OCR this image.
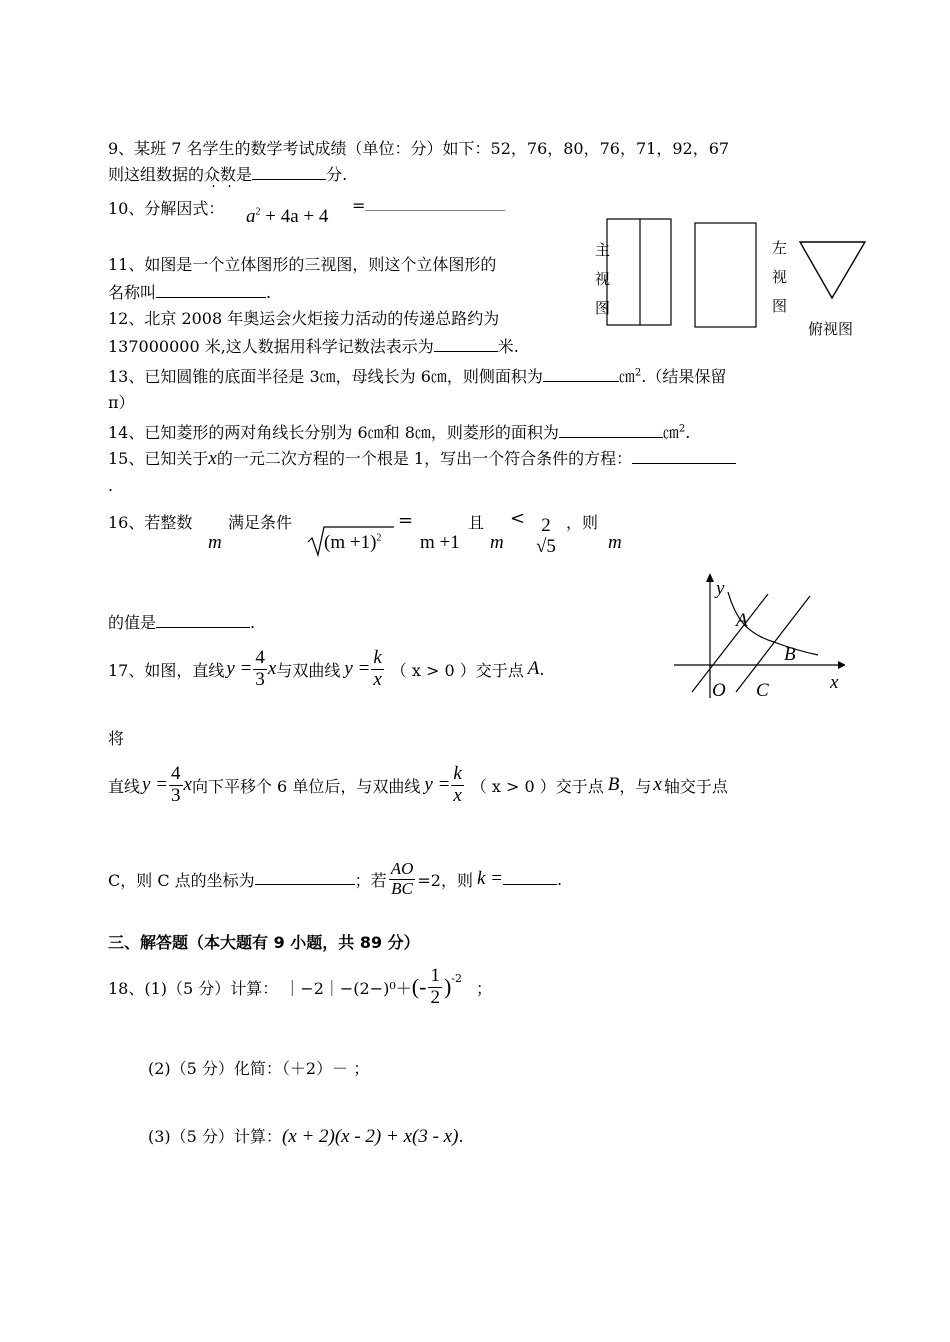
9、某班 7 名学生的数学考试成绩（单位：分）如下：52，76，80，76，71，92，67
则这组数据的众数是	分.
10、分解因式： $a^2 + 4a + 4$
=
11、如图是一个立体图形的三视图，则这个立体图形的
名称叫	.	主视图	左视图
俯视图
12、北京 2008 年奥运会火炬接力活动的传递总路约为
137000000 米,这人数据用科学记数法表示为	米.
13、已知圆锥的底面半径是 3㎝，母线长为 6㎝，则侧面积为	㎝$^2$.（结果保留
π）
14、已知菱形的两对角线长分别为 6㎝和 8㎝，则菱形的面积为	㎝$^2$.
15、已知关于x的一元二次方程的一个根是 1，写出一个符合条件的方程：
.
16、若整数
m
满足条件
$(m +1)^2$
=
m +1
且
m
< 2
√5
，则
m
的值是	.
y
x
A
B
O C
17、如图，直线 $y = \frac{4}{3}$ x 与双曲线 $y = \frac{k}{x}$ （ x > 0 ）交于点 A .
将
直线 $y = \frac{4}{3}$ x 向下平移个 6 单位后，与双曲线 $y = \frac{k}{x}$ （ x > 0 ）交于点 B ，与 x 轴交于点
C，则 C 点的坐标为	；若 $\frac{AO}{BC} =2$，则 k =	.
三、解答题（本大题有 9 小题，共 89 分）
18、(1)（5 分）计算： ｜−2｜−(2−)⁰＋ (- $\frac{1}{2} )^{-2}$
；
(2)（5 分）化简：（＋2）－ ；
(3)（5 分）计算：(x + 2)(x - 2) + x(3 - x).
